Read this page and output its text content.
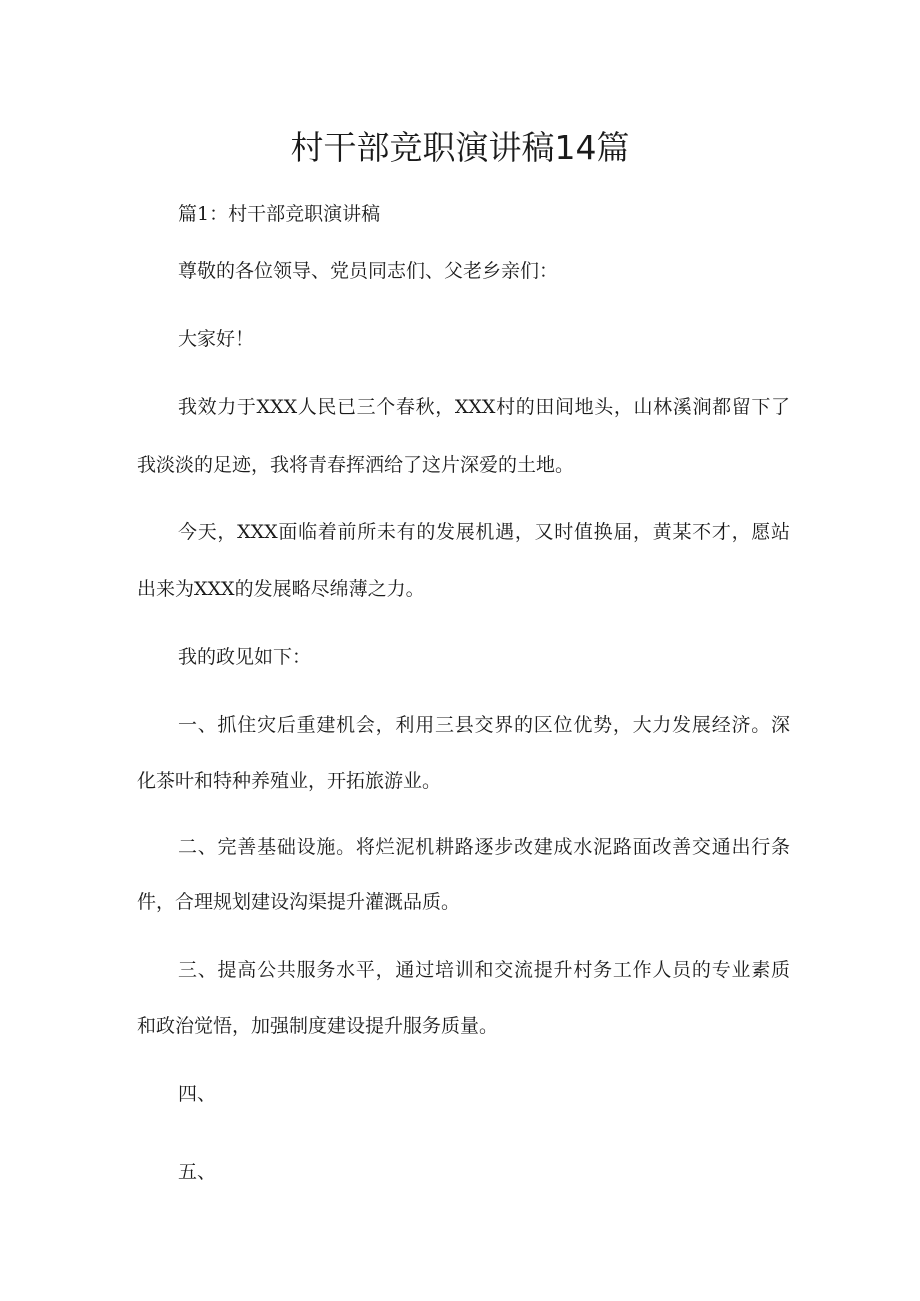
村干部竞职演讲稿14篇
篇1：村干部竞职演讲稿
尊敬的各位领导、党员同志们、父老乡亲们：
大家好！
我效力于XXX人民已三个春秋，XXX村的田间地头，山林溪涧都留下了
我淡淡的足迹，我将青春挥洒给了这片深爱的土地。
今天，XXX面临着前所未有的发展机遇，又时值换届，黄某不才，愿站
出来为XXX的发展略尽绵薄之力。
我的政见如下：
一、抓住灾后重建机会，利用三县交界的区位优势，大力发展经济。深
化茶叶和特种养殖业，开拓旅游业。
二、完善基础设施。将烂泥机耕路逐步改建成水泥路面改善交通出行条
件，合理规划建设沟渠提升灌溉品质。
三、提高公共服务水平，通过培训和交流提升村务工作人员的专业素质
和政治觉悟，加强制度建设提升服务质量。
四、
五、
